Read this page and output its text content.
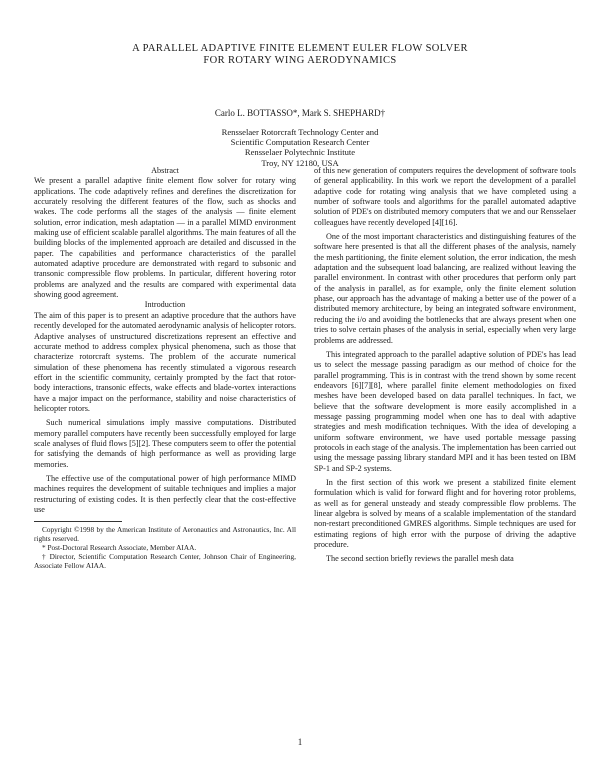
A PARALLEL ADAPTIVE FINITE ELEMENT EULER FLOW SOLVER
FOR ROTARY WING AERODYNAMICS
Carlo L. BOTTASSO*, Mark S. SHEPHARD†
Rensselaer Rotorcraft Technology Center and
Scientific Computation Research Center
Rensselaer Polytechnic Institute
Troy, NY 12180, USA

Abstract

We present a parallel adaptive finite element flow solver for rotary wing applications. The code adaptively refines and derefines the discretization for accurately resolving the different features of the flow, such as shocks and wakes. The code performs all the stages of the analysis — finite element solution, error indication, mesh adaptation — in a parallel MIMD environment making use of efficient scalable parallel algorithms. The main features of all the building blocks of the implemented approach are detailed and discussed in the paper. The capabilities and performance characteristics of the parallel automated adaptive procedure are demonstrated with regard to subsonic and transonic compressible flow problems. In particular, different hovering rotor problems are analyzed and the results are compared with experimental data showing good agreement.

Introduction

The aim of this paper is to present an adaptive procedure that the authors have recently developed for the automated aerodynamic analysis of helicopter rotors. Adaptive analyses of unstructured discretizations represent an effective and accurate method to address complex physical phenomena, such as those that characterize rotorcraft systems. The problem of the accurate numerical simulation of these phenomena has recently stimulated a vigorous research effort in the scientific community, certainly prompted by the fact that rotor-body interactions, transonic effects, wake effects and blade-vortex interactions have a major impact on the performance, stability and noise characteristics of helicopter rotors.

Such numerical simulations imply massive computations. Distributed memory parallel computers have recently been successfully employed for large scale analyses of fluid flows [5][2]. These computers seem to offer the potential for satisfying the demands of high performance as well as providing large memories.

The effective use of the computational power of high performance MIMD machines requires the development of suitable techniques and implies a major restructuring of existing codes. It is then perfectly clear that the cost-effective use

Copyright ©1998 by the American Institute of Aeronautics and Astronautics, Inc. All rights reserved.

* Post-Doctoral Research Associate, Member AIAA.

† Director, Scientific Computation Research Center, Johnson Chair of Engineering, Associate Fellow AIAA.

of this new generation of computers requires the development of software tools of general applicability. In this work we report the development of a parallel adaptive code for rotating wing analysis that we have completed using a number of software tools and algorithms for the parallel automated adaptive solution of PDE's on distributed memory computers that we and our Rensselaer colleagues have recently developed [4][16].

One of the most important characteristics and distinguishing features of the software here presented is that all the different phases of the analysis, namely the mesh partitioning, the finite element solution, the error indication, the mesh adaptation and the subsequent load balancing, are realized without leaving the parallel environment. In contrast with other procedures that perform only part of the analysis in parallel, as for example, only the finite element solution phase, our approach has the advantage of making a better use of the power of a distributed memory architecture, by being an integrated software environment, reducing the i/o and avoiding the bottlenecks that are always present when one tries to solve certain phases of the analysis in serial, especially when very large problems are addressed.

This integrated approach to the parallel adaptive solution of PDE's has lead us to select the message passing paradigm as our method of choice for the parallel programming. This is in contrast with the trend shown by some recent endeavors [6][7][8], where parallel finite element methodologies on fixed meshes have been developed based on data parallel techniques. In fact, we believe that the software development is more easily accomplished in a message passing programming model when one has to deal with adaptive strategies and mesh modification techniques. With the idea of developing a uniform software environment, we have used portable message passing protocols in each stage of the analysis. The implementation has been carried out using the message passing library standard MPI and it has been tested on IBM SP-1 and SP-2 systems.

In the first section of this work we present a stabilized finite element formulation which is valid for forward flight and for hovering rotor problems, as well as for general unsteady and steady compressible flow problems. The linear algebra is solved by means of a scalable implementation of the standard non-restart preconditioned GMRES algorithms. Simple techniques are used for estimating regions of high error with the purpose of driving the adaptive procedure.

The second section briefly reviews the parallel mesh data

1
